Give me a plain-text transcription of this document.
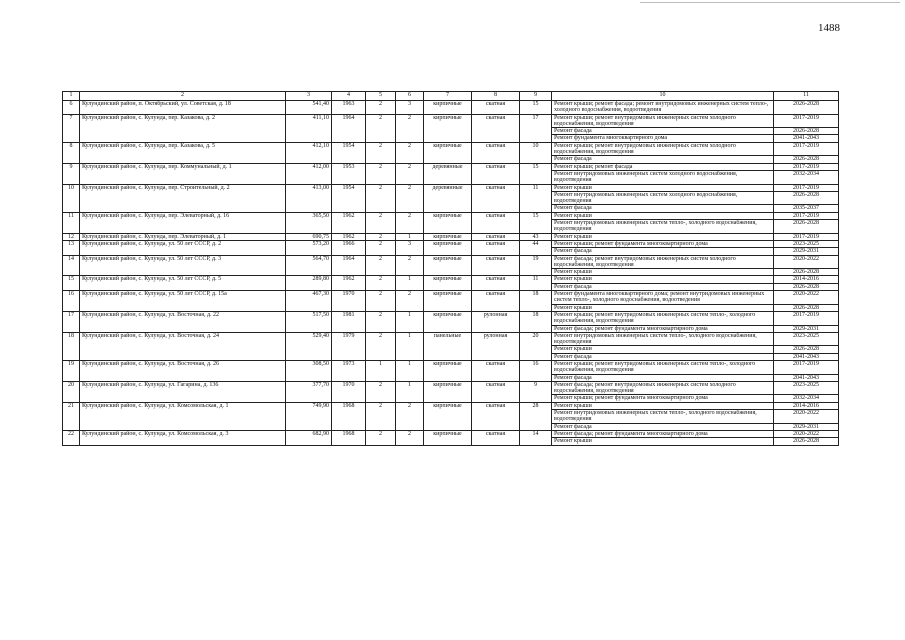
1488
1	2	3	4	5	6	7	8	9	10	11
6	Кулундинский район, п. Октябрьский, ул. Советская, д. 18	541,40	1963	2	3	кирпичные	скатная	15	Ремонт крыши; ремонт фасада; ремонт внутридомовых инженерных систем тепло-, холодного водоснабжения, водоотведения	2026-2028
7	Кулундинский район, с. Кулунда, пер. Казакова, д. 2	411,10	1964	2	2	кирпичные	скатная	17	Ремонт крыши; ремонт внутридомовых инженерных систем холодного водоснабжения, водоотведения	2017-2019
									Ремонт фасада	2026-2028
									Ремонт фундамента многоквартирного дома	2041-2043
8	Кулундинский район, с. Кулунда, пер. Казакова, д. 5	412,10	1954	2	2	кирпичные	скатная	10	Ремонт крыши; ремонт внутридомовых инженерных систем холодного водоснабжения, водоотведения	2017-2019
									Ремонт фасада	2026-2028
9	Кулундинский район, с. Кулунда, пер. Коммунальный, д. 1	412,00	1953	2	2	деревянные	скатная	15	Ремонт крыши; ремонт фасада	2017-2019
									Ремонт внутридомовых инженерных систем холодного водоснабжения, водоотведения	2032-2034
10	Кулундинский район, с. Кулунда, пер. Строительный, д. 2	413,00	1954	2	2	деревянные	скатная	11	Ремонт крыши	2017-2019
									Ремонт внутридомовых инженерных систем холодного водоснабжения, водоотведения	2026-2028
									Ремонт фасада	2035-2037
11	Кулундинский район, с. Кулунда, пер. Элеваторный, д. 16	365,50	1962	2	2	кирпичные	скатная	15	Ремонт крыши	2017-2019
									Ремонт внутридомовых инженерных систем тепло-, холодного водоснабжения, водоотведения	2026-2028
12	Кулундинский район, с. Кулунда, пер. Элеваторный, д. 1	690,75	1962	2	1	кирпичные	скатная	43	Ремонт крыши	2017-2019
13	Кулундинский район, с. Кулунда, ул. 50 лет СССР, д. 2	573,20	1966	2	3	кирпичные	скатная	44	Ремонт крыши; ремонт фундамента многоквартирного дома	2023-2025
									Ремонт фасада	2029-2031
14	Кулундинский район, с. Кулунда, ул. 50 лет СССР, д. 3	564,70	1964	2	2	кирпичные	скатная	19	Ремонт фасада; ремонт внутридомовых инженерных систем холодного водоснабжения, водоотведения	2020-2022
									Ремонт крыши	2026-2028
15	Кулундинский район, с. Кулунда, ул. 50 лет СССР, д. 5	289,80	1962	2	1	кирпичные	скатная	11	Ремонт крыши	2014-2016
									Ремонт фасада	2026-2028
16	Кулундинский район, с. Кулунда, ул. 50 лет СССР, д. 15а	467,30	1970	2	2	кирпичные	скатная	18	Ремонт фундамента многоквартирного дома; ремонт внутридомовых инженерных систем тепло-, холодного водоснабжения, водоотведения	2020-2022
									Ремонт крыши	2026-2028
17	Кулундинский район, с. Кулунда, ул. Восточная, д. 22	517,50	1981	2	1	кирпичные	рулонная	18	Ремонт крыши; ремонт внутридомовых инженерных систем тепло-, холодного водоснабжения, водоотведения	2017-2019
									Ремонт фасада; ремонт фундамента многоквартирного дома	2029-2031
18	Кулундинский район, с. Кулунда, ул. Восточная, д. 24	529,40	1979	2	1	панельные	рулонная	20	Ремонт внутридомовых инженерных систем тепло-, холодного водоснабжения, водоотведения	2023-2025
									Ремонт крыши	2026-2028
									Ремонт фасада	2041-2043
19	Кулундинский район, с. Кулунда, ул. Восточная, д. 26	308,50	1973	1	1	кирпичные	скатная	16	Ремонт крыши; ремонт внутридомовых инженерных систем тепло-, холодного водоснабжения, водоотведения	2017-2019
									Ремонт фасада	2041-2043
20	Кулундинский район, с. Кулунда, ул. Гагарина, д. 136	377,70	1970	2	1	кирпичные	скатная	9	Ремонт фасада; ремонт внутридомовых инженерных систем холодного водоснабжения, водоотведения	2023-2025
									Ремонт крыши; ремонт фундамента многоквартирного дома	2032-2034
21	Кулундинский район, с. Кулунда, ул. Комсомольская, д. 1	749,90	1968	2	2	кирпичные	скатная	28	Ремонт крыши	2014-2016
									Ремонт внутридомовых инженерных систем тепло-, холодного водоснабжения, водоотведения	2020-2022
									Ремонт фасада	2029-2031
22	Кулундинский район, с. Кулунда, ул. Комсомольская, д. 3	682,90	1968	2	2	кирпичные	скатная	14	Ремонт фасада; ремонт фундамента многоквартирного дома	2020-2022
									Ремонт крыши	2026-2028
